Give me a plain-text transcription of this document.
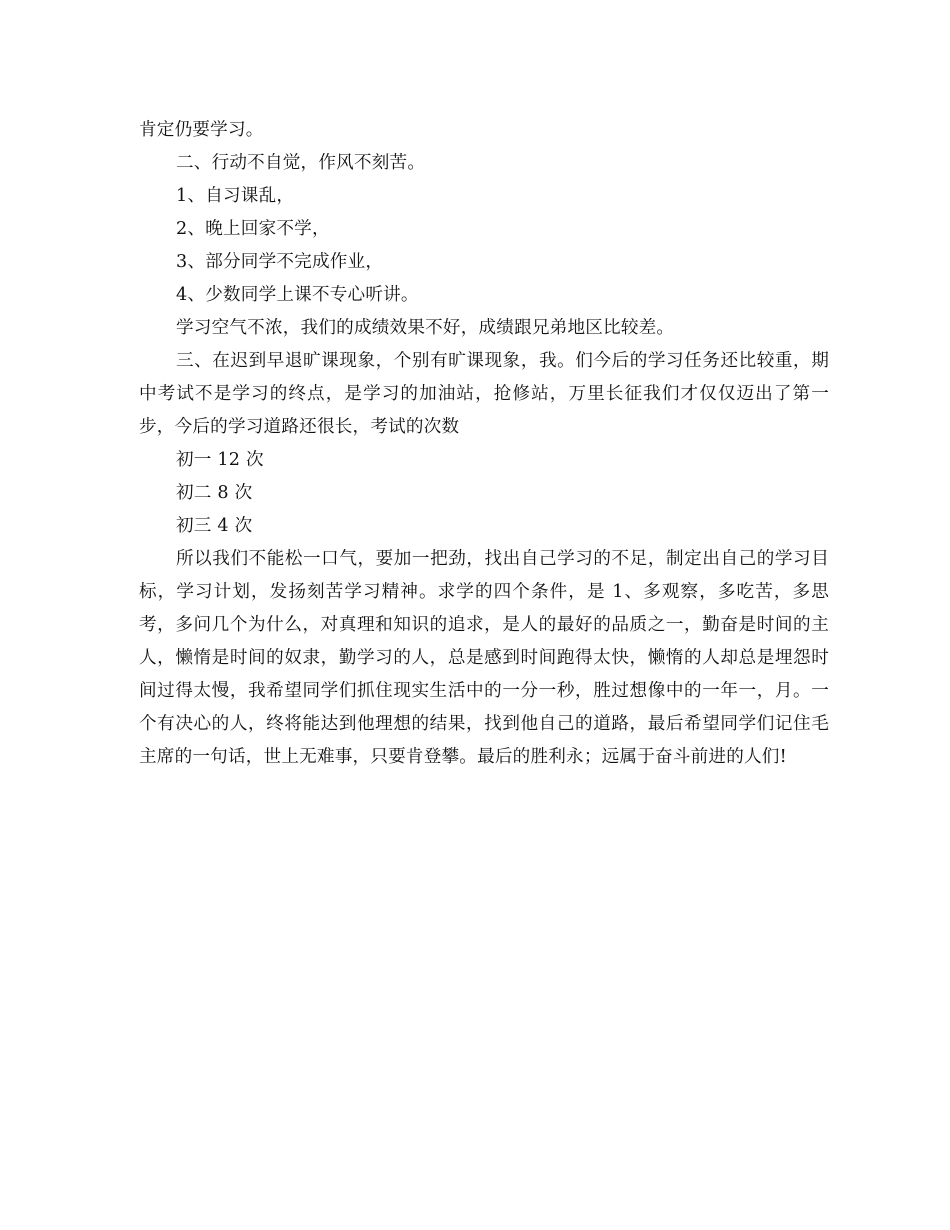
肯定仍要学习。

二、行动不自觉，作风不刻苦。

1、自习课乱，

2、晚上回家不学，

3、部分同学不完成作业，

4、少数同学上课不专心听讲。

学习空气不浓，我们的成绩效果不好，成绩跟兄弟地区比较差。

三、在迟到早退旷课现象，个别有旷课现象，我。们今后的学习任务还比较重，期中考试不是学习的终点，是学习的加油站，抢修站，万里长征我们才仅仅迈出了第一步，今后的学习道路还很长，考试的次数

初一 12 次

初二 8 次

初三 4 次

所以我们不能松一口气，要加一把劲，找出自己学习的不足，制定出自己的学习目标，学习计划，发扬刻苦学习精神。求学的四个条件，是 1、多观察，多吃苦，多思考，多问几个为什么，对真理和知识的追求，是人的最好的品质之一，勤奋是时间的主人，懒惰是时间的奴隶，勤学习的人，总是感到时间跑得太快，懒惰的人却总是埋怨时间过得太慢，我希望同学们抓住现实生活中的一分一秒，胜过想像中的一年一，月。一个有决心的人，终将能达到他理想的结果，找到他自己的道路，最后希望同学们记住毛主席的一句话，世上无难事，只要肯登攀。最后的胜利永；远属于奋斗前进的人们!
